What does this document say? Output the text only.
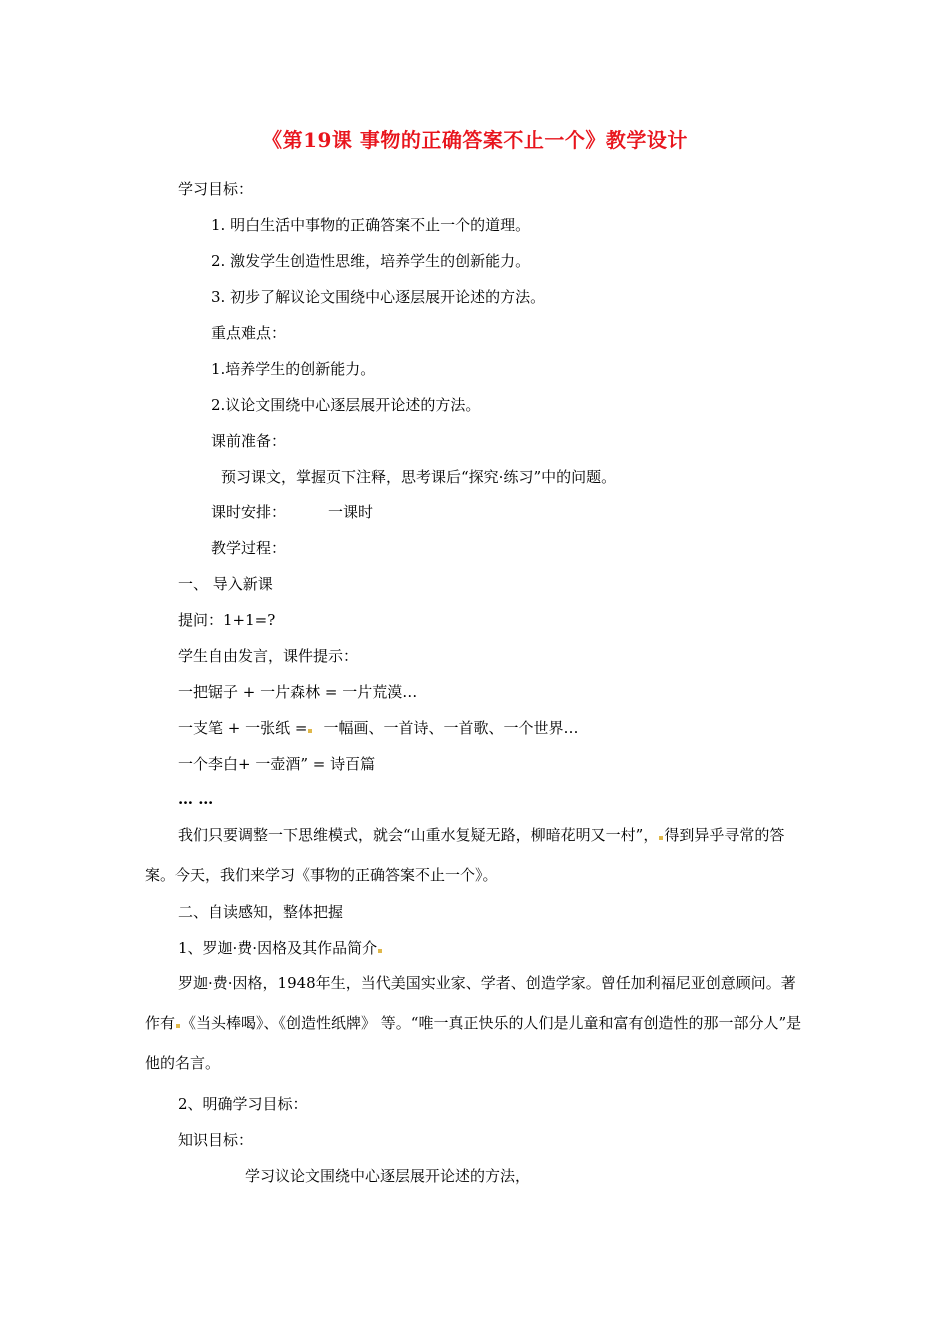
《第19课 事物的正确答案不止一个》教学设计

学习目标：

1. 明白生活中事物的正确答案不止一个的道理。

2. 激发学生创造性思维，培养学生的创新能力。

3. 初步了解议论文围绕中心逐层展开论述的方法。

重点难点：

1.培养学生的创新能力。

2.议论文围绕中心逐层展开论述的方法。

课前准备：

预习课文，掌握页下注释，思考课后“探究·练习”中的问题。

课时安排：	一课时

教学过程：

一、 导入新课

提问：1+1=?

学生自由发言，课件提示：

一把锯子 + 一片森林 = 一片荒漠…

一支笔 + 一张纸 = 一幅画、一首诗、一首歌、一个世界…

一个李白+ 一壶酒” = 诗百篇

… …

我们只要调整一下思维模式，就会“山重水复疑无路，柳暗花明又一村”， 得到异乎寻常的答案。今天，我们来学习《事物的正确答案不止一个》。

二、自读感知，整体把握

1、罗迦·费·因格及其作品简介

罗迦·费·因格，1948年生，当代美国实业家、学者、创造学家。曾任加利福尼亚创意顾问。著作有 《当头棒喝》、《创造性纸牌》 等。“唯一真正快乐的人们是儿童和富有创造性的那一部分人”是他的名言。

2、明确学习目标：

知识目标：

学习议论文围绕中心逐层展开论述的方法，
